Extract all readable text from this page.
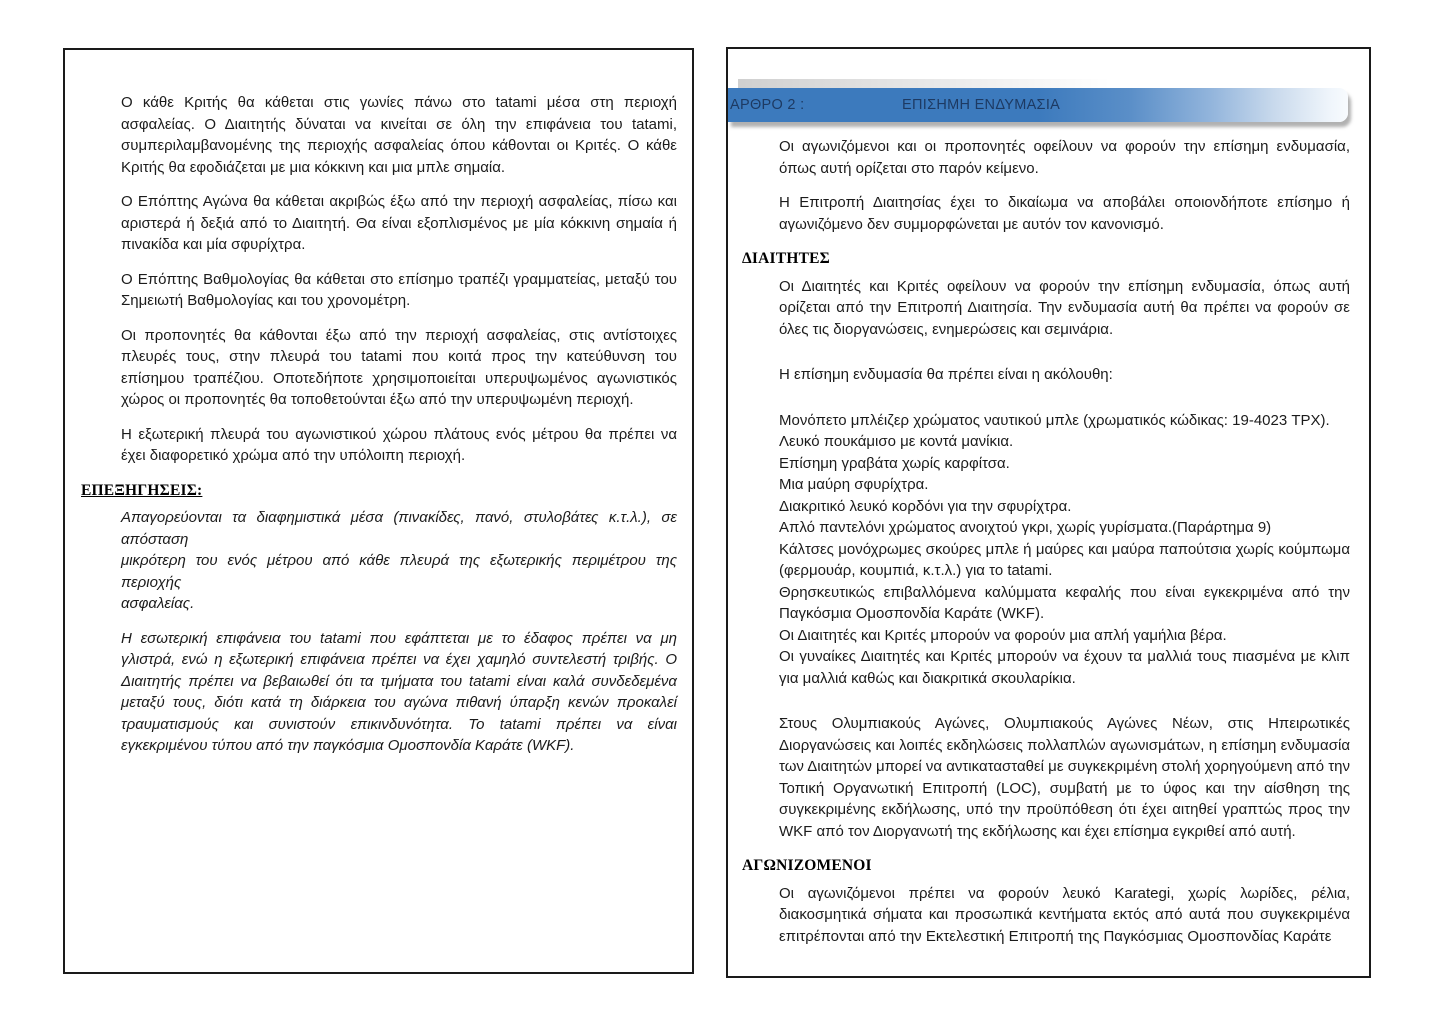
Ο κάθε Κριτής θα κάθεται στις γωνίες πάνω στο tatami μέσα στη περιοχή ασφαλείας. Ο Διαιτητής δύναται να κινείται σε όλη την επιφάνεια του tatami, συμπεριλαμβανομένης της περιοχής ασφαλείας όπου κάθονται οι Κριτές. Ο κάθε Κριτής θα εφοδιάζεται με μια κόκκινη και μια μπλε σημαία.

Ο Επόπτης Αγώνα θα κάθεται ακριβώς έξω από την περιοχή ασφαλείας, πίσω και αριστερά ή δεξιά από το Διαιτητή. Θα είναι εξοπλισμένος με μία κόκκινη σημαία ή πινακίδα και μία σφυρίχτρα.

Ο Επόπτης Βαθμολογίας θα κάθεται στο επίσημο τραπέζι γραμματείας, μεταξύ του Σημειωτή Βαθμολογίας και του χρονομέτρη.

Οι προπονητές θα κάθονται έξω από την περιοχή ασφαλείας, στις αντίστοιχες πλευρές τους, στην πλευρά του tatami που κοιτά προς την κατεύθυνση του επίσημου τραπέζιου. Οποτεδήποτε χρησιμοποιείται υπερυψωμένος αγωνιστικός χώρος οι προπονητές θα τοποθετούνται έξω από την υπερυψωμένη περιοχή.

Η εξωτερική πλευρά του αγωνιστικού χώρου πλάτους ενός μέτρου θα πρέπει να έχει διαφορετικό χρώμα από την υπόλοιπη περιοχή.

ΕΠΕΞΗΓΗΣΕΙΣ:
Απαγορεύονται τα διαφημιστικά μέσα (πινακίδες, πανό, στυλοβάτες κ.τ.λ.), σε
απόσταση
μικρότερη του ενός μέτρου από κάθε πλευρά της εξωτερικής περιμέτρου της
περιοχής
ασφαλείας.

Η εσωτερική επιφάνεια του tatami που εφάπτεται με το έδαφος πρέπει να μη γλιστρά, ενώ η εξωτερική επιφάνεια πρέπει να έχει χαμηλό συντελεστή τριβής. Ο Διαιτητής πρέπει να βεβαιωθεί ότι τα τμήματα του tatami είναι καλά συνδεδεμένα μεταξύ τους, διότι κατά τη διάρκεια του αγώνα πιθανή ύπαρξη κενών προκαλεί τραυματισμούς και συνιστούν επικινδυνότητα. Το tatami πρέπει να είναι εγκεκριμένου τύπου από την παγκόσμια Ομοσπονδία Καράτε (WKF).

ΑΡΘΡΟ 2 :	ΕΠΙΣΗΜΗ ΕΝΔΥΜΑΣΙΑ

Οι αγωνιζόμενοι και οι προπονητές οφείλουν να φορούν την επίσημη ενδυμασία, όπως αυτή ορίζεται στο παρόν κείμενο.

Η Επιτροπή Διαιτησίας έχει το δικαίωμα να αποβάλει οποιονδήποτε επίσημο ή αγωνιζόμενο δεν συμμορφώνεται με αυτόν τον κανονισμό.

ΔΙΑΙΤΗΤΕΣ

Οι Διαιτητές και Κριτές οφείλουν να φορούν την επίσημη ενδυμασία, όπως αυτή ορίζεται από την Επιτροπή Διαιτησία. Την ενδυμασία αυτή θα πρέπει να φορούν σε όλες τις διοργανώσεις, ενημερώσεις και σεμινάρια.

Η επίσημη ενδυμασία θα πρέπει είναι η ακόλουθη:

Μονόπετο μπλέιζερ χρώματος ναυτικού μπλε (χρωματικός κώδικας: 19-4023 TPX).
Λευκό πουκάμισο με κοντά μανίκια.
Επίσημη γραβάτα χωρίς καρφίτσα.
Μια μαύρη σφυρίχτρα.
Διακριτικό λευκό κορδόνι για την σφυρίχτρα.
Απλό παντελόνι χρώματος ανοιχτού γκρι, χωρίς γυρίσματα.(Παράρτημα 9)
Κάλτσες μονόχρωμες σκούρες μπλε ή μαύρες και μαύρα παπούτσια χωρίς κούμπωμα (φερμουάρ, κουμπιά, κ.τ.λ.) για το tatami.
Θρησκευτικώς επιβαλλόμενα καλύμματα κεφαλής που είναι εγκεκριμένα από την Παγκόσμια Ομοσπονδία Καράτε (WKF).
Οι Διαιτητές και Κριτές μπορούν να φορούν μια απλή γαμήλια βέρα.
Οι γυναίκες Διαιτητές και Κριτές μπορούν να έχουν τα μαλλιά τους πιασμένα με κλιπ για μαλλιά καθώς και διακριτικά σκουλαρίκια.

Στους Ολυμπιακούς Αγώνες, Ολυμπιακούς Αγώνες Νέων, στις Ηπειρωτικές Διοργανώσεις και λοιπές εκδηλώσεις πολλαπλών αγωνισμάτων, η επίσημη ενδυμασία των Διαιτητών μπορεί να αντικατασταθεί με συγκεκριμένη στολή χορηγούμενη από την Τοπική Οργανωτική Επιτροπή (LOC), συμβατή με το ύφος και την αίσθηση της συγκεκριμένης εκδήλωσης, υπό την προϋπόθεση ότι έχει αιτηθεί γραπτώς προς την WKF από τον Διοργανωτή της εκδήλωσης και έχει επίσημα εγκριθεί από αυτή.

ΑΓΩΝΙΖΟΜΕΝΟΙ

Οι αγωνιζόμενοι πρέπει να φορούν λευκό Karategi, χωρίς λωρίδες, ρέλια, διακοσμητικά σήματα και προσωπικά κεντήματα εκτός από αυτά που συγκεκριμένα επιτρέπονται από την Εκτελεστική Επιτροπή της Παγκόσμιας Ομοσπονδίας Καράτε
